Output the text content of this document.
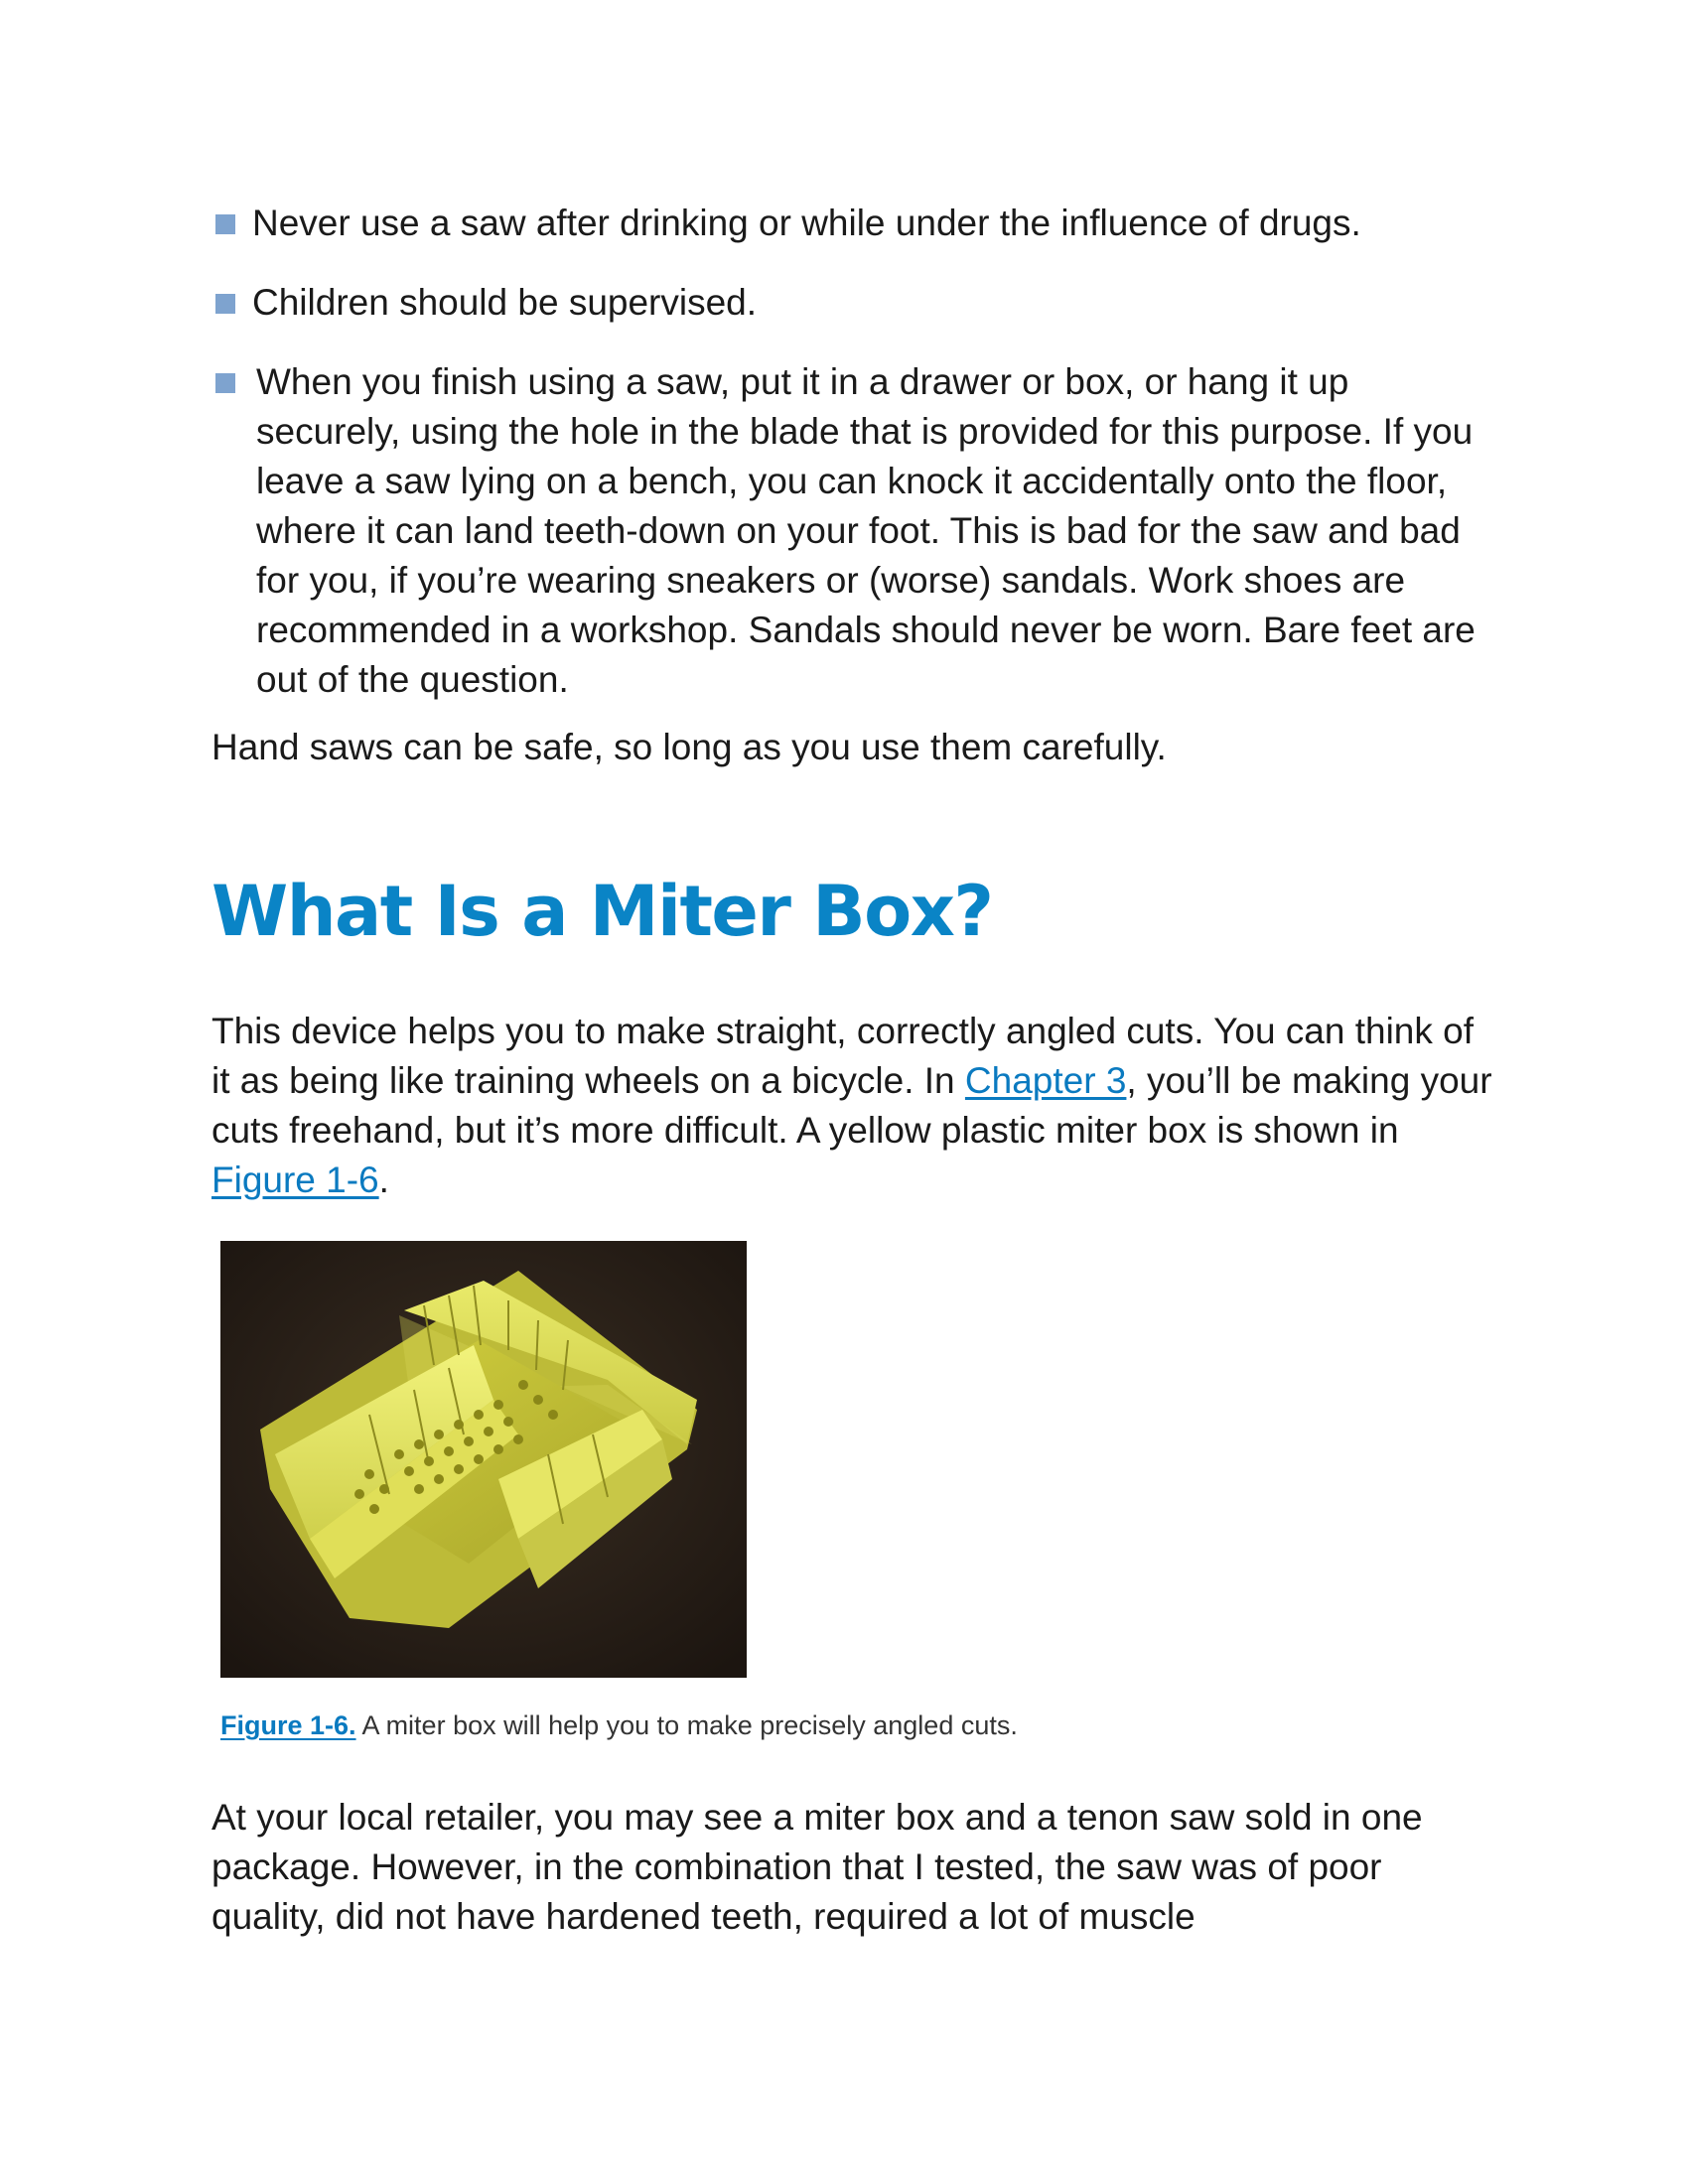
Never use a saw after drinking or while under the influence of drugs.
Children should be supervised.
When you finish using a saw, put it in a drawer or box, or hang it up securely, using the hole in the blade that is provided for this purpose. If you leave a saw lying on a bench, you can knock it accidentally onto the floor, where it can land teeth-down on your foot. This is bad for the saw and bad for you, if you’re wearing sneakers or (worse) sandals. Work shoes are recommended in a workshop. Sandals should never be worn. Bare feet are out of the question.

Hand saws can be safe, so long as you use them carefully.

What Is a Miter Box?

This device helps you to make straight, correctly angled cuts. You can think of it as being like training wheels on a bicycle. In Chapter 3, you’ll be making your cuts freehand, but it’s more difficult. A yellow plastic miter box is shown in Figure 1-6.

Figure 1-6. A miter box will help you to make precisely angled cuts.

At your local retailer, you may see a miter box and a tenon saw sold in one package. However, in the combination that I tested, the saw was of poor quality, did not have hardened teeth, required a lot of muscle
